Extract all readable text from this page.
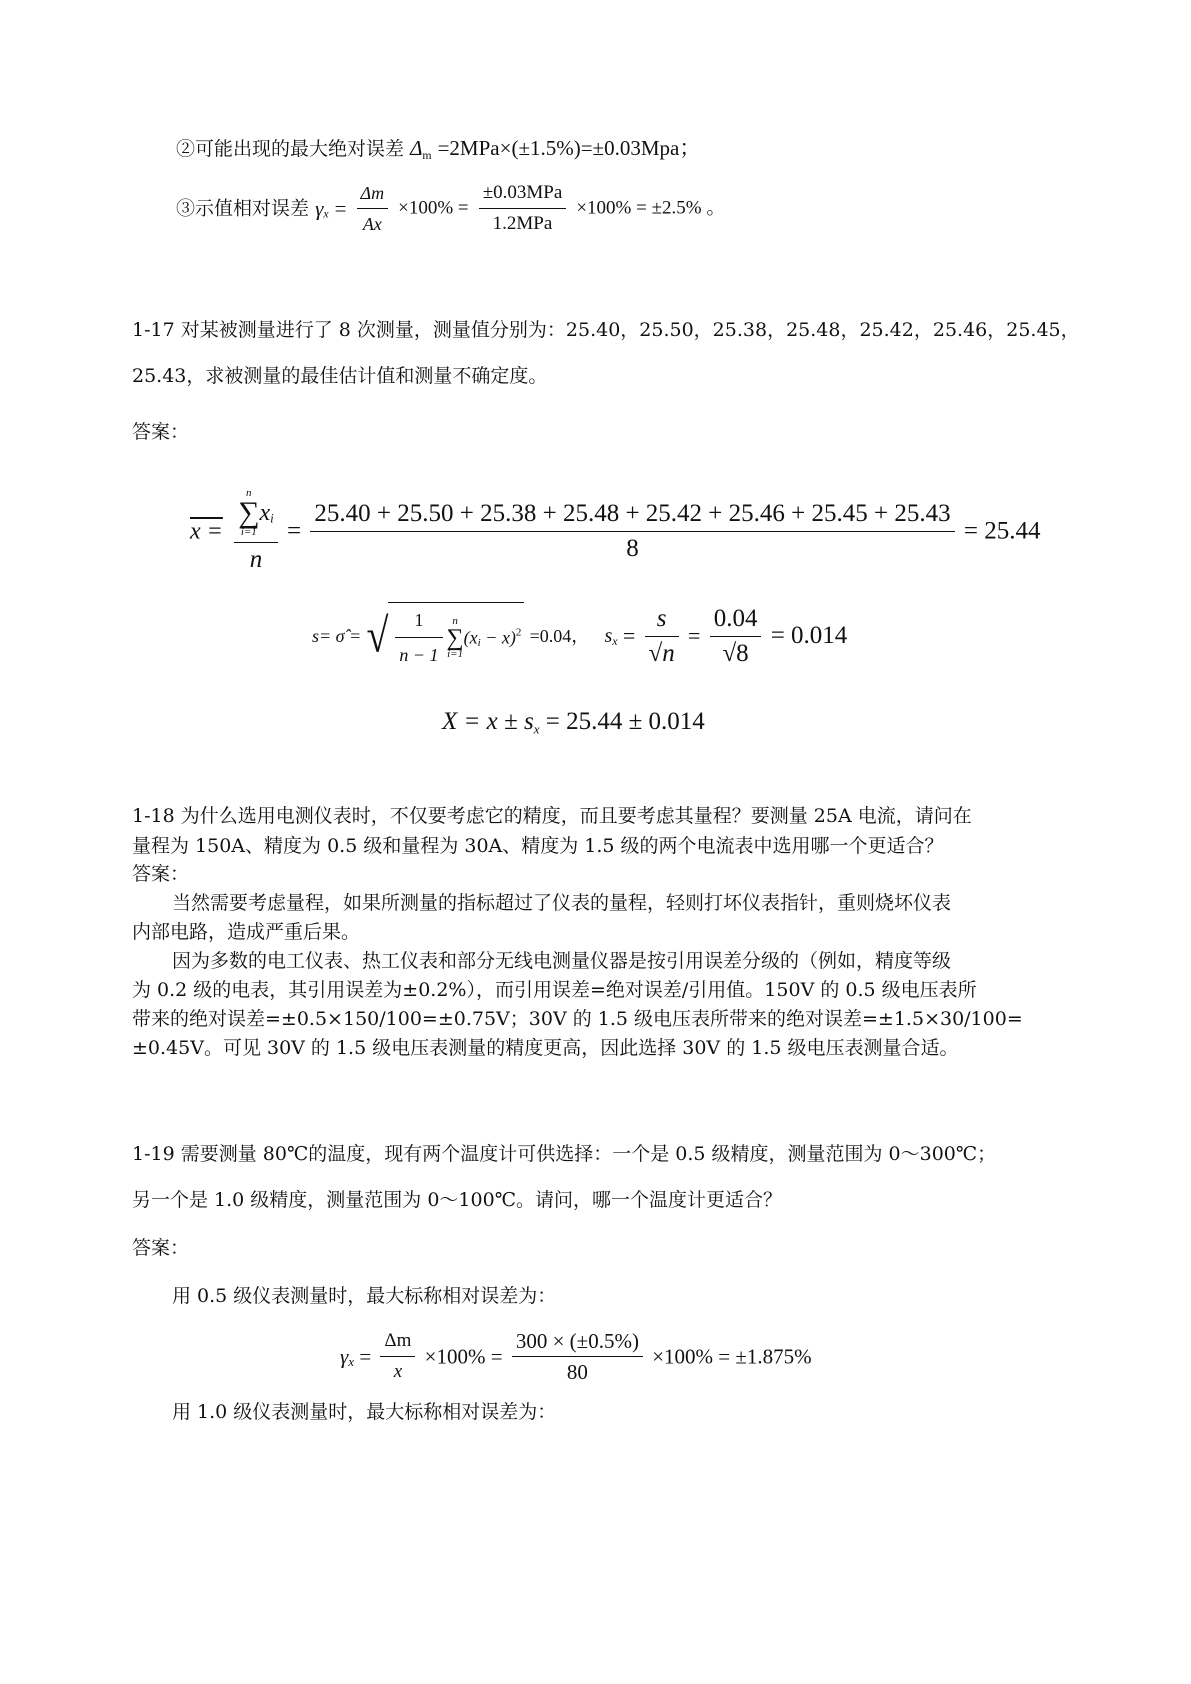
②可能出现的最大绝对误差 $\Delta_m =2MPa\times(\pm 1.5\%)=\pm 0.03Mpa$；
③示值相对误差 $\gamma_x = \frac{\Delta m}{Ax} \times 100\% = \frac{\text{±0.03MPa}}{\text{1.2MPa}} \times 100\% = \pm 2.5\%$ 。
1-17 对某被测量进行了 8 次测量，测量值分别为：25.40，25.50，25.38，25.48，25.42，25.46，25.45，
25.43，求被测量的最佳估计值和测量不确定度。
答案：
x = n
∑
i=1
$x_i$
n =
25.40 + 25.50 + 25.38 + 25.48 + 25.42 + 25.46 + 25.45 + 25.43
8
= 25.44
s= σ̂ = √ $\frac{1}{n - 1}$ n
∑
i=1
$(x_i - x)^2 =0.04$， $s_x = \frac{s}{√n} = \frac{0.04}{√8} = 0.014$
$X = x \pm s_x = 25.44 \pm 0.014$
1-18 为什么选用电测仪表时，不仅要考虑它的精度，而且要考虑其量程？要测量 25A 电流，请问在
量程为 150A、精度为 0.5 级和量程为 30A、精度为 1.5 级的两个电流表中选用哪一个更适合？
答案：
当然需要考虑量程，如果所测量的指标超过了仪表的量程，轻则打坏仪表指针，重则烧坏仪表
内部电路，造成严重后果。
因为多数的电工仪表、热工仪表和部分无线电测量仪器是按引用误差分级的（例如，精度等级
为 0.2 级的电表，其引用误差为±0.2%），而引用误差=绝对误差/引用值。150V 的 0.5 级电压表所
带来的绝对误差=±0.5×150/100=±0.75V；30V 的 1.5 级电压表所带来的绝对误差=±1.5×30/100=
±0.45V。可见 30V 的 1.5 级电压表测量的精度更高，因此选择 30V 的 1.5 级电压表测量合适。
1-19 需要测量 80℃的温度，现有两个温度计可供选择：一个是 0.5 级精度，测量范围为 0～300℃；
另一个是 1.0 级精度，测量范围为 0～100℃。请问，哪一个温度计更适合？
答案：
用 0.5 级仪表测量时，最大标称相对误差为：
$\gamma_x = \frac{\Delta m}{x} \times 100\% = \frac{300 \times (\pm 0.5\%)}{80} \times 100\% = \pm 1.875\%$
用 1.0 级仪表测量时，最大标称相对误差为：
